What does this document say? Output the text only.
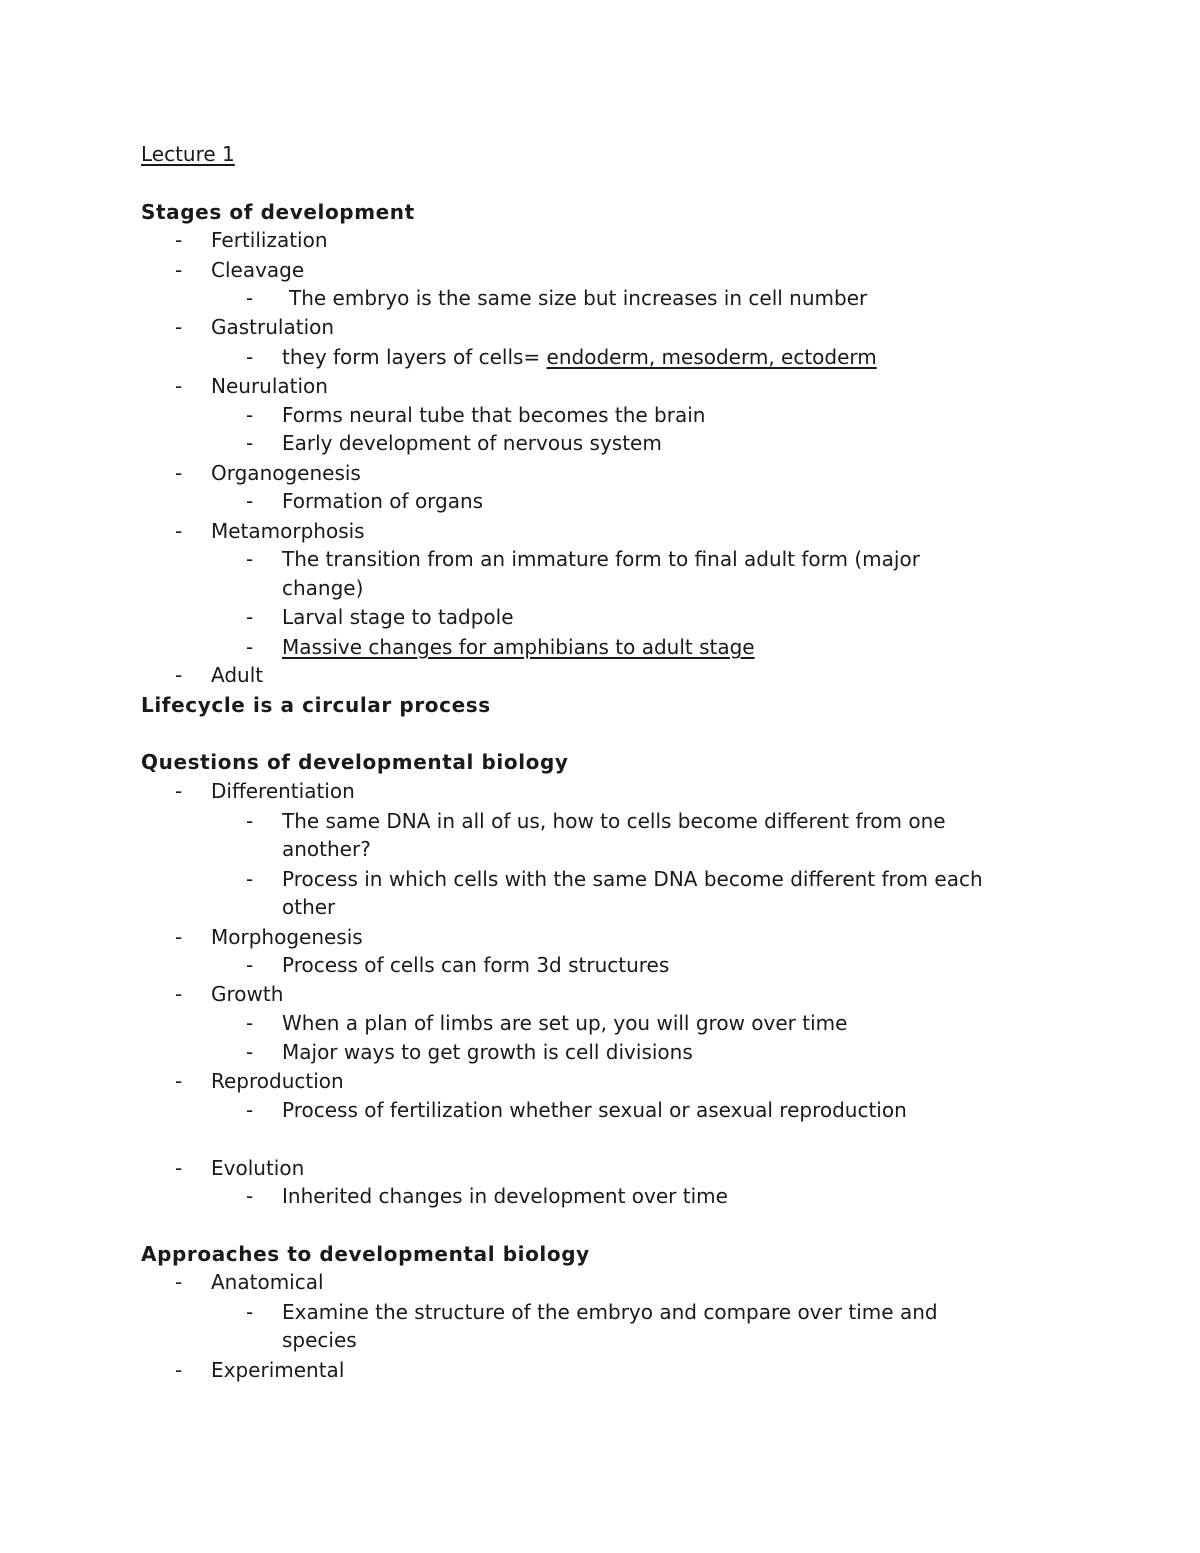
Lecture 1
Stages of development
- Fertilization
- Cleavage
- The embryo is the same size but increases in cell number
- Gastrulation
- they form layers of cells= endoderm, mesoderm, ectoderm
- Neurulation
- Forms neural tube that becomes the brain
- Early development of nervous system
- Organogenesis
- Formation of organs
- Metamorphosis
- The transition from an immature form to final adult form (major
change)
- Larval stage to tadpole
- Massive changes for amphibians to adult stage
- Adult
Lifecycle is a circular process
Questions of developmental biology
- Differentiation
- The same DNA in all of us, how to cells become different from one
another?
- Process in which cells with the same DNA become different from each
other
- Morphogenesis
- Process of cells can form 3d structures
- Growth
- When a plan of limbs are set up, you will grow over time
- Major ways to get growth is cell divisions
- Reproduction
- Process of fertilization whether sexual or asexual reproduction
- Evolution
- Inherited changes in development over time
Approaches to developmental biology
- Anatomical
- Examine the structure of the embryo and compare over time and
species
- Experimental
